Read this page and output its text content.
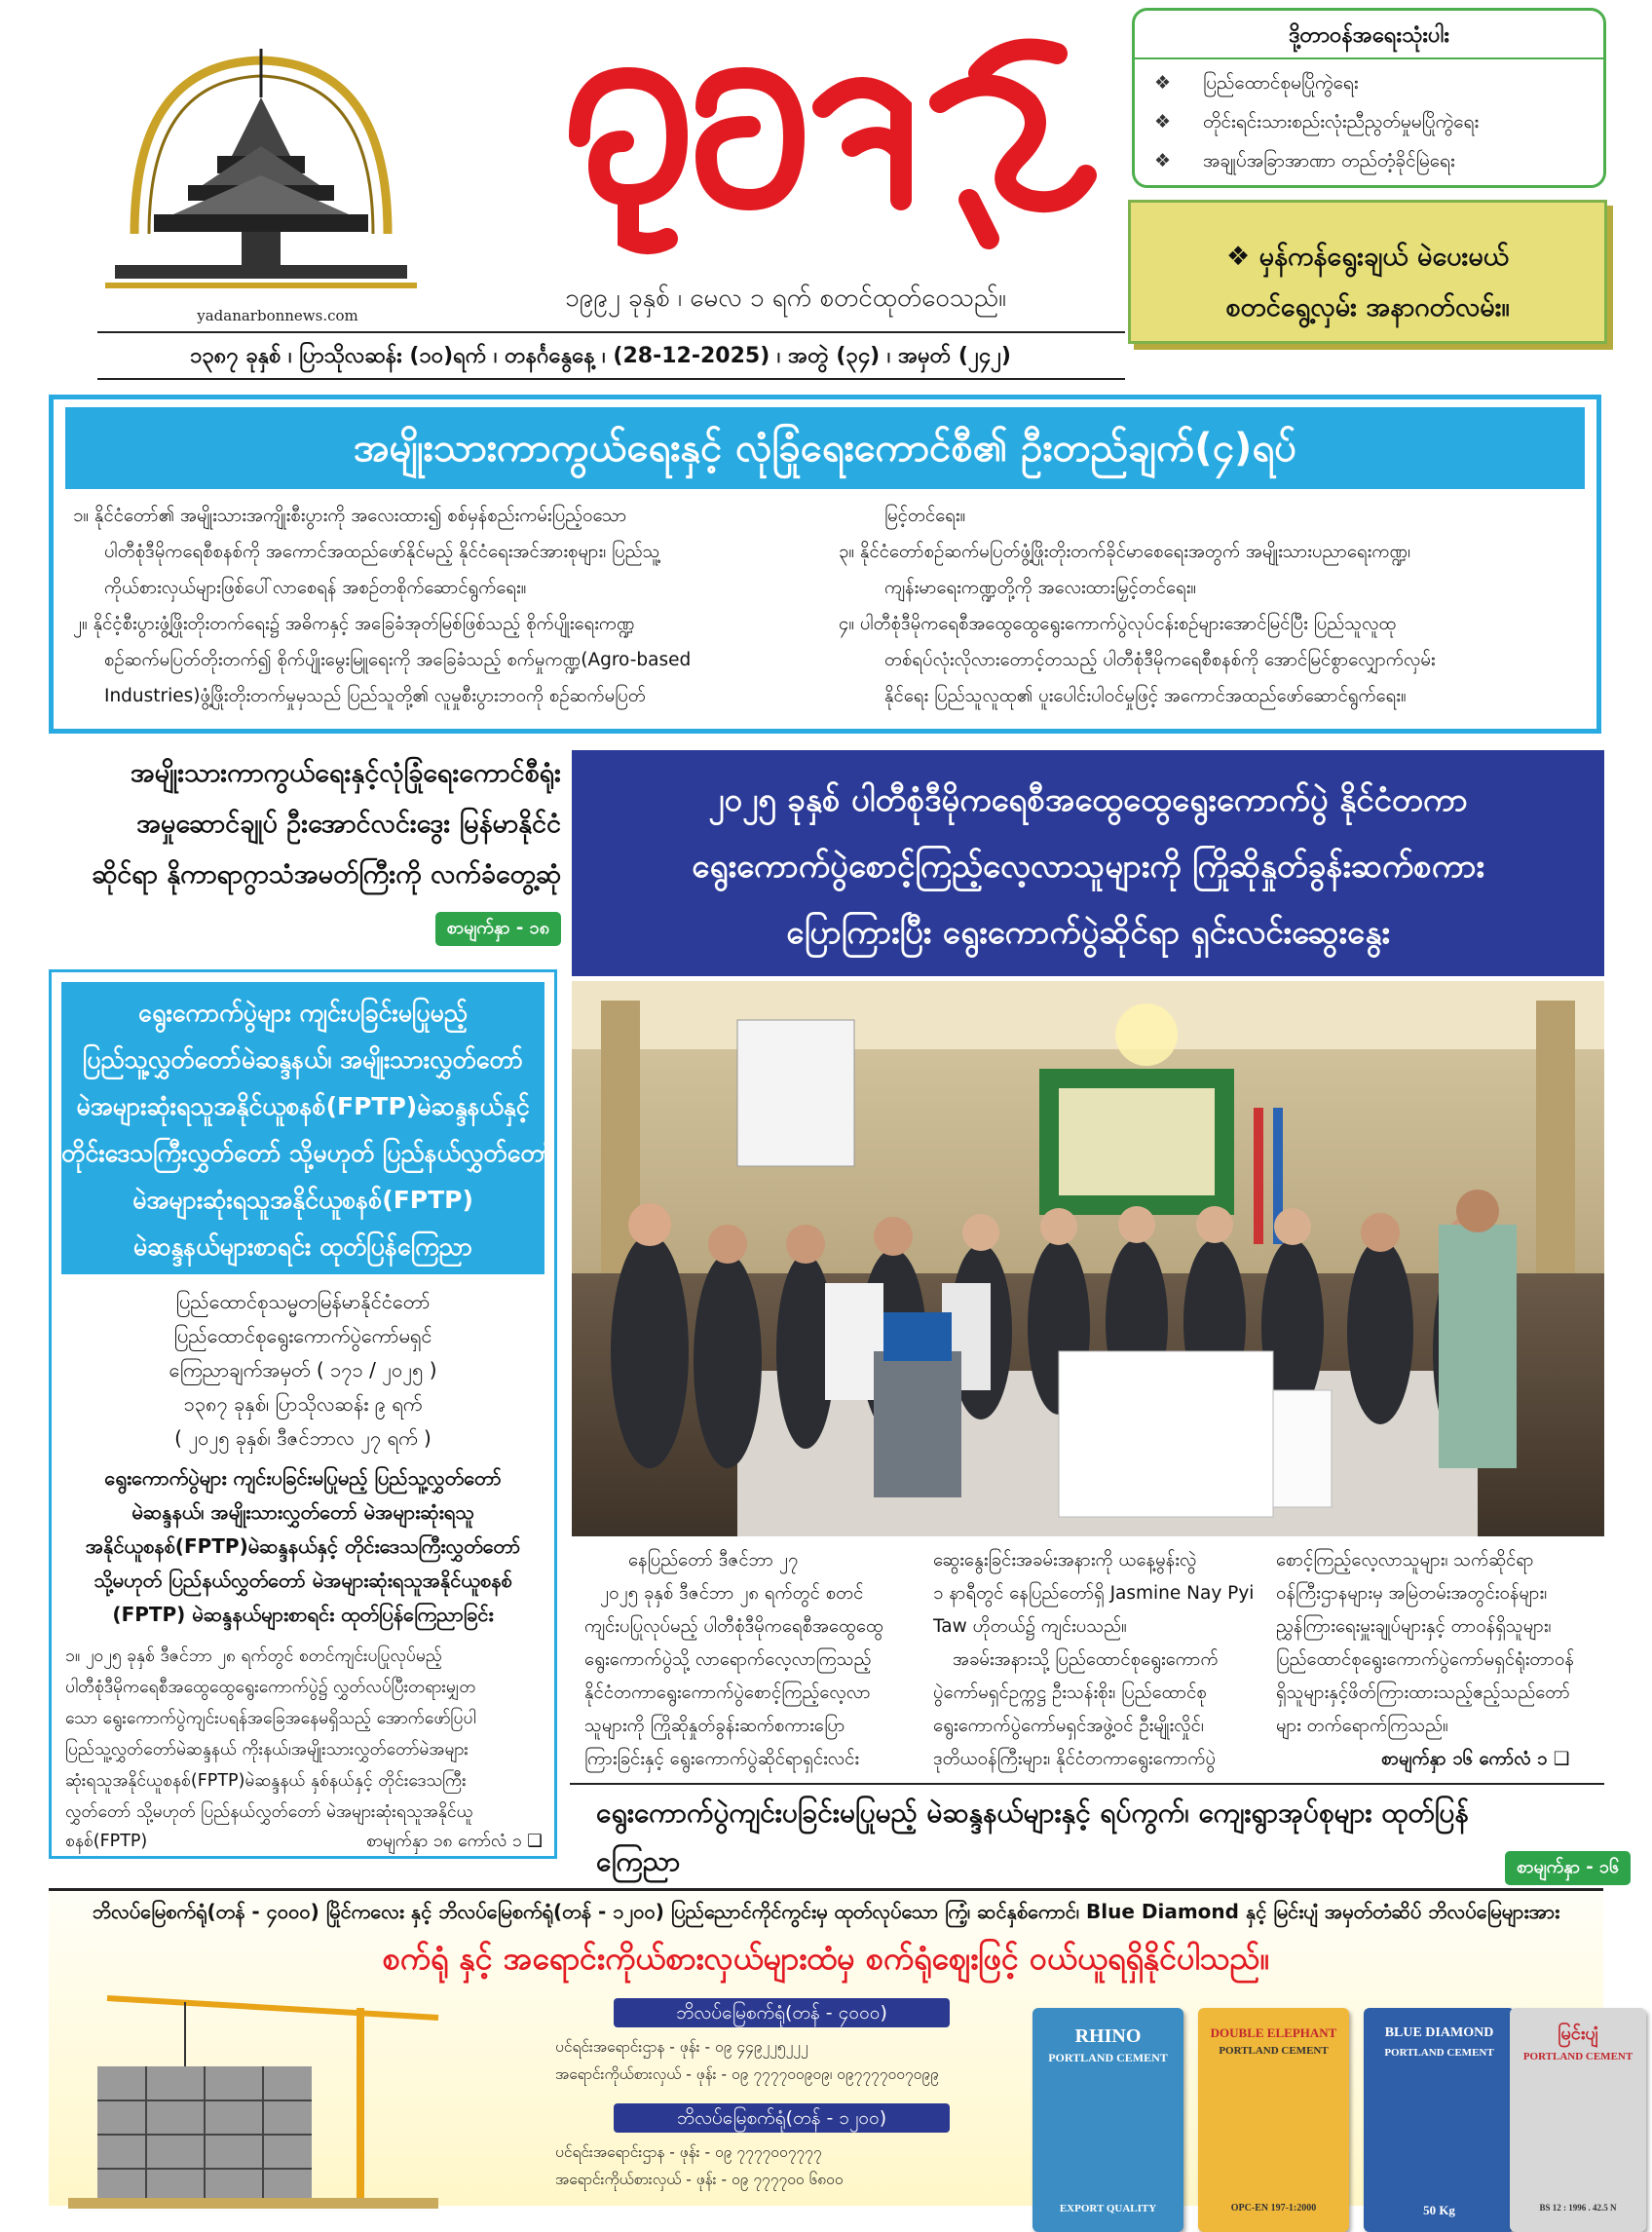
yadanarbonnews.com
၁၉၉၂ ခုနှစ် ၊ မေလ ၁ ရက် စတင်ထုတ်ဝေသည်။
၁၃၈၇ ခုနှစ် ၊ ပြာသိုလဆန်း (၁၀)ရက် ၊ တနင်္ဂနွေနေ့ ၊ (28-12-2025) ၊ အတွဲ (၃၄) ၊ အမှတ် (၂၄၂)
ဒို့တာဝန်အရေးသုံးပါး
❖ ပြည်ထောင်စုမပြိုကွဲရေး
❖ တိုင်းရင်းသားစည်းလုံးညီညွတ်မှုမပြိုကွဲရေး
❖ အချုပ်အခြာအာဏာ တည်တံ့ခိုင်မြဲရေး
❖ မှန်ကန်ရွေးချယ် မဲပေးမယ်
စတင်ရွေ့လှမ်း အနာဂတ်လမ်း။
အမျိုးသားကာကွယ်ရေးနှင့် လုံခြုံရေးကောင်စီ၏ ဦးတည်ချက်(၄)ရပ်
၁။ နိုင်ငံတော်၏ အမျိုးသားအကျိုးစီးပွားကို အလေးထား၍ စစ်မှန်စည်းကမ်းပြည့်ဝသော
ပါတီစုံဒီမိုကရေစီစနစ်ကို အကောင်အထည်ဖော်နိုင်မည့် နိုင်ငံရေးအင်အားစုများ၊ ပြည်သူ့
ကိုယ်စားလှယ်များဖြစ်ပေါ်လာစေရန် အစဉ်တစိုက်ဆောင်ရွက်ရေး။
၂။ နိုင်ငံ့စီးပွားဖွံ့ဖြိုးတိုးတက်ရေး၌ အဓိကနှင့် အခြေခံအုတ်မြစ်ဖြစ်သည့် စိုက်ပျိုးရေးကဏ္ဍ
စဉ်ဆက်မပြတ်တိုးတက်၍ စိုက်ပျိုးမွေးမြူရေးကို အခြေခံသည့် စက်မှုကဏ္ဍ(Agro-based
Industries)ဖွံ့ဖြိုးတိုးတက်မှုမှသည် ပြည်သူတို့၏ လူမှုစီးပွားဘဝကို စဉ်ဆက်မပြတ်
မြင့်တင်ရေး။
၃။ နိုင်ငံတော်စဉ်ဆက်မပြတ်ဖွံ့ဖြိုးတိုးတက်ခိုင်မာစေရေးအတွက် အမျိုးသားပညာရေးကဏ္ဍ၊
ကျန်းမာရေးကဏ္ဍတို့ကို အလေးထားမြှင့်တင်ရေး။
၄။ ပါတီစုံဒီမိုကရေစီအထွေထွေရွေးကောက်ပွဲလုပ်ငန်းစဉ်များအောင်မြင်ပြီး ပြည်သူလူထု
တစ်ရပ်လုံးလိုလားတောင့်တသည့် ပါတီစုံဒီမိုကရေစီစနစ်ကို အောင်မြင်စွာလျှောက်လှမ်း
နိုင်ရေး ပြည်သူလူထု၏ ပူးပေါင်းပါဝင်မှုဖြင့် အကောင်အထည်ဖော်ဆောင်ရွက်ရေး။
အမျိုးသားကာကွယ်ရေးနှင့်လုံခြုံရေးကောင်စီရုံး
အမှုဆောင်ချုပ် ဦးအောင်လင်းဒွေး မြန်မာနိုင်ငံ
ဆိုင်ရာ နိုကာရာဂွာသံအမတ်ကြီးကို လက်ခံတွေ့ဆုံ
စာမျက်နှာ - ၁၈
၂၀၂၅ ခုနှစ် ပါတီစုံဒီမိုကရေစီအထွေထွေရွေးကောက်ပွဲ နိုင်ငံတကာ
ရွေးကောက်ပွဲစောင့်ကြည့်လေ့လာသူများကို ကြိုဆိုနှုတ်ခွန်းဆက်စကား
ပြောကြားပြီး ရွေးကောက်ပွဲဆိုင်ရာ ရှင်းလင်းဆွေးနွေး
ရွေးကောက်ပွဲများ ကျင်းပခြင်းမပြုမည့်
ပြည်သူ့လွှတ်တော်မဲဆန္ဒနယ်၊ အမျိုးသားလွှတ်တော်
မဲအများဆုံးရသူအနိုင်ယူစနစ်(FPTP)မဲဆန္ဒနယ်နှင့်
တိုင်းဒေသကြီးလွှတ်တော် သို့မဟုတ် ပြည်နယ်လွှတ်တော်
မဲအများဆုံးရသူအနိုင်ယူစနစ်(FPTP)
မဲဆန္ဒနယ်များစာရင်း ထုတ်ပြန်ကြေညာ
ပြည်ထောင်စုသမ္မတမြန်မာနိုင်ငံတော်
ပြည်ထောင်စုရွေးကောက်ပွဲကော်မရှင်
ကြေညာချက်အမှတ် ( ၁၇၁ / ၂၀၂၅ )
၁၃၈၇ ခုနှစ်၊ ပြာသိုလဆန်း ၉ ရက်
( ၂၀၂၅ ခုနှစ်၊ ဒီဇင်ဘာလ ၂၇ ရက် )
ရွေးကောက်ပွဲများ ကျင်းပခြင်းမပြုမည့် ပြည်သူ့လွှတ်တော်
မဲဆန္ဒနယ်၊ အမျိုးသားလွှတ်တော် မဲအများဆုံးရသူ
အနိုင်ယူစနစ်(FPTP)မဲဆန္ဒနယ်နှင့် တိုင်းဒေသကြီးလွှတ်တော်
သို့မဟုတ် ပြည်နယ်လွှတ်တော် မဲအများဆုံးရသူအနိုင်ယူစနစ်
(FPTP) မဲဆန္ဒနယ်များစာရင်း ထုတ်ပြန်ကြေညာခြင်း
၁။ ၂၀၂၅ ခုနှစ် ဒီဇင်ဘာ ၂၈ ရက်တွင် စတင်ကျင်းပပြုလုပ်မည့်
ပါတီစုံဒီမိုကရေစီအထွေထွေရွေးကောက်ပွဲ၌ လွှတ်လပ်ပြီးတရားမျှတ
သော ရွေးကောက်ပွဲကျင်းပရန်အခြေအနေမရှိသည့် အောက်ဖော်ပြပါ
ပြည်သူ့လွှတ်တော်မဲဆန္ဒနယ် ကိုးနယ်၊အမျိုးသားလွှတ်တော်မဲအများ
ဆုံးရသူအနိုင်ယူစနစ်(FPTP)မဲဆန္ဒနယ် နှစ်နယ်နှင့် တိုင်းဒေသကြီး
လွှတ်တော် သို့မဟုတ် ပြည်နယ်လွှတ်တော် မဲအများဆုံးရသူအနိုင်ယူ
စနစ်(FPTP)	စာမျက်နှာ ၁၈ ကော်လံ ၁ ❑
နေပြည်တော် ဒီဇင်ဘာ ၂၇
၂၀၂၅ ခုနှစ် ဒီဇင်ဘာ ၂၈ ရက်တွင် စတင်
ကျင်းပပြုလုပ်မည့် ပါတီစုံဒီမိုကရေစီအထွေထွေ
ရွေးကောက်ပွဲသို့ လာရောက်လေ့လာကြသည့်
နိုင်ငံတကာရွေးကောက်ပွဲစောင့်ကြည့်လေ့လာ
သူများကို ကြိုဆိုနှုတ်ခွန်းဆက်စကားပြော
ကြားခြင်းနှင့် ရွေးကောက်ပွဲဆိုင်ရာရှင်းလင်း
ဆွေးနွေးခြင်းအခမ်းအနားကို ယနေ့မွန်းလွဲ
၁ နာရီတွင် နေပြည်တော်ရှိ Jasmine Nay Pyi
Taw ဟိုတယ်၌ ကျင်းပသည်။
အခမ်းအနားသို့ ပြည်ထောင်စုရွေးကောက်
ပွဲကော်မရှင်ဥက္ကဋ္ဌ ဦးသန်းစိုး၊ ပြည်ထောင်စု
ရွေးကောက်ပွဲကော်မရှင်အဖွဲ့ဝင် ဦးမျိုးလှိုင်၊
ဒုတိယဝန်ကြီးများ၊ နိုင်ငံတကာရွေးကောက်ပွဲ
စောင့်ကြည့်လေ့လာသူများ၊ သက်ဆိုင်ရာ
ဝန်ကြီးဌာနများမှ အမြဲတမ်းအတွင်းဝန်များ၊
ညွှန်ကြားရေးမှူးချုပ်များနှင့် တာဝန်ရှိသူများ၊
ပြည်ထောင်စုရွေးကောက်ပွဲကော်မရှင်ရုံးတာဝန်
ရှိသူများနှင့်ဖိတ်ကြားထားသည့်ဧည့်သည်တော်
များ တက်ရောက်ကြသည်။
စာမျက်နှာ ၁၆ ကော်လံ ၁ ❑
ရွေးကောက်ပွဲကျင်းပခြင်းမပြုမည့် မဲဆန္ဒနယ်များနှင့် ရပ်ကွက်၊ ကျေးရွာအုပ်စုများ ထုတ်ပြန်
ကြေညာ	စာမျက်နှာ - ၁၆
ဘိလပ်မြေစက်ရုံ(တန် - ၄၀၀၀) မြိုင်ကလေး နှင့် ဘိလပ်မြေစက်ရုံ(တန် - ၁၂၀၀) ပြည်ညောင်ကိုင်ကွင်းမှ ထုတ်လုပ်သော ကြံ့၊ ဆင်နှစ်ကောင်၊ Blue Diamond နှင့် မြင်းပျံ အမှတ်တံဆိပ် ဘိလပ်မြေများအား
စက်ရုံ နှင့် အရောင်းကိုယ်စားလှယ်များထံမှ စက်ရုံဈေးဖြင့် ဝယ်ယူရရှိနိုင်ပါသည်။
ဘိလပ်မြေစက်ရုံ(တန် - ၄၀၀၀)
ပင်ရင်းအရောင်းဌာန - ဖုန်း - ၀၉ ၄၄၉၂၂၅၂၂၂
အရောင်းကိုယ်စားလှယ် - ဖုန်း - ၀၉ ၇၇၇၇၀၀၉၀၉၊ ၀၉၇၇၇၇၀၀၇၀၉၉
ဘိလပ်မြေစက်ရုံ(တန် - ၁၂၀၀)
ပင်ရင်းအရောင်းဌာန - ဖုန်း - ၀၉ ၇၇၇၇၀၀၇၇၇၇
အရောင်းကိုယ်စားလှယ် - ဖုန်း - ၀၉ ၇၇၇၇၀၀ ၆၈၀၀
RHINO
PORTLAND CEMENT
EXPORT QUALITY
DOUBLE ELEPHANT
PORTLAND CEMENT
OPC-EN 197-1:2000
BLUE DIAMOND
PORTLAND CEMENT
50 Kg
မြင်းပျံ
PORTLAND CEMENT
BS 12 : 1996 . 42.5 N
